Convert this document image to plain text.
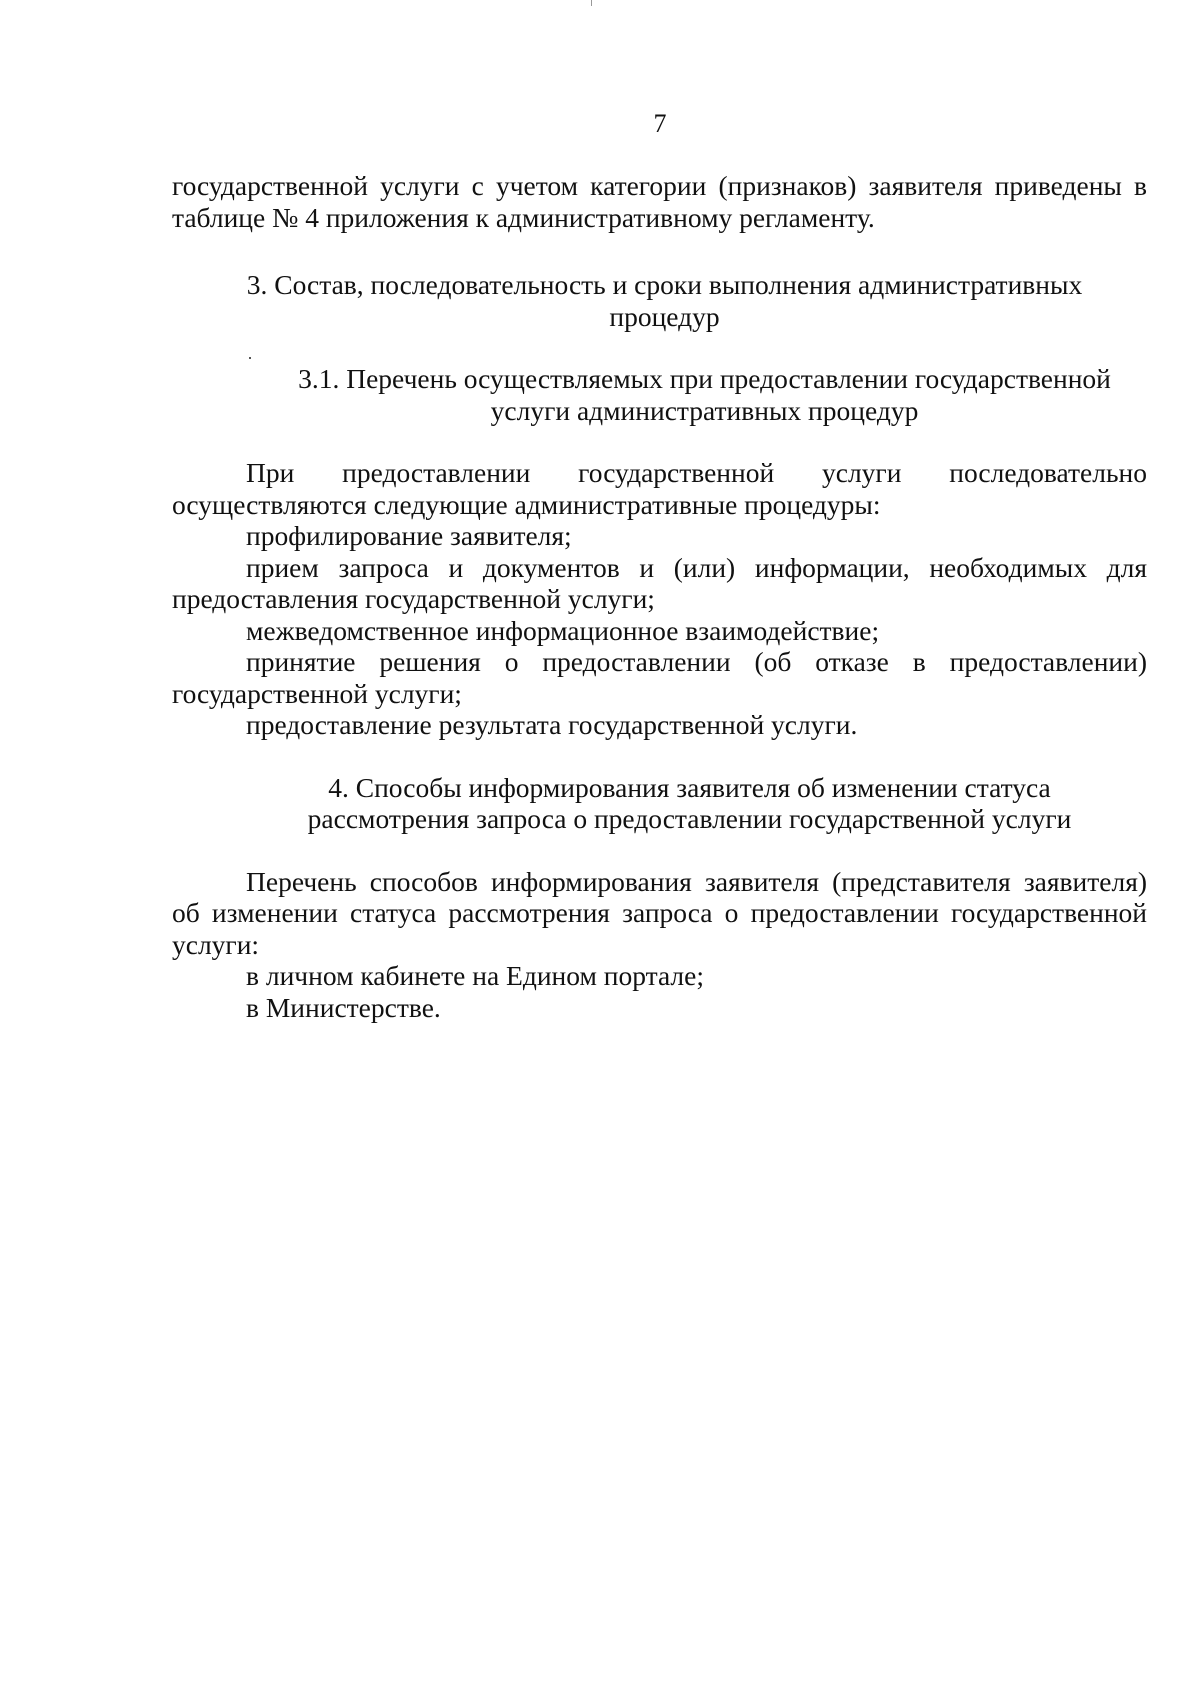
7

государственной услуги с учетом категории (признаков) заявителя приведены в

таблице № 4 приложения к административному регламенту.

3. Состав, последовательность и сроки выполнения административных

процедур

3.1. Перечень осуществляемых при предоставлении государственной

услуги административных процедур

При предоставлении государственной услуги последовательно

осуществляются следующие административные процедуры:

профилирование заявителя;

прием запроса и документов и (или) информации, необходимых для предоставления государственной услуги;

межведомственное информационное взаимодействие;

принятие решения о предоставлении (об отказе в предоставлении) государственной услуги;

предоставление результата государственной услуги.

4. Способы информирования заявителя об изменении статуса

рассмотрения запроса о предоставлении государственной услуги

Перечень способов информирования заявителя (представителя заявителя) об изменении статуса рассмотрения запроса о предоставлении государственной услуги:

в личном кабинете на Едином портале;

в Министерстве.
